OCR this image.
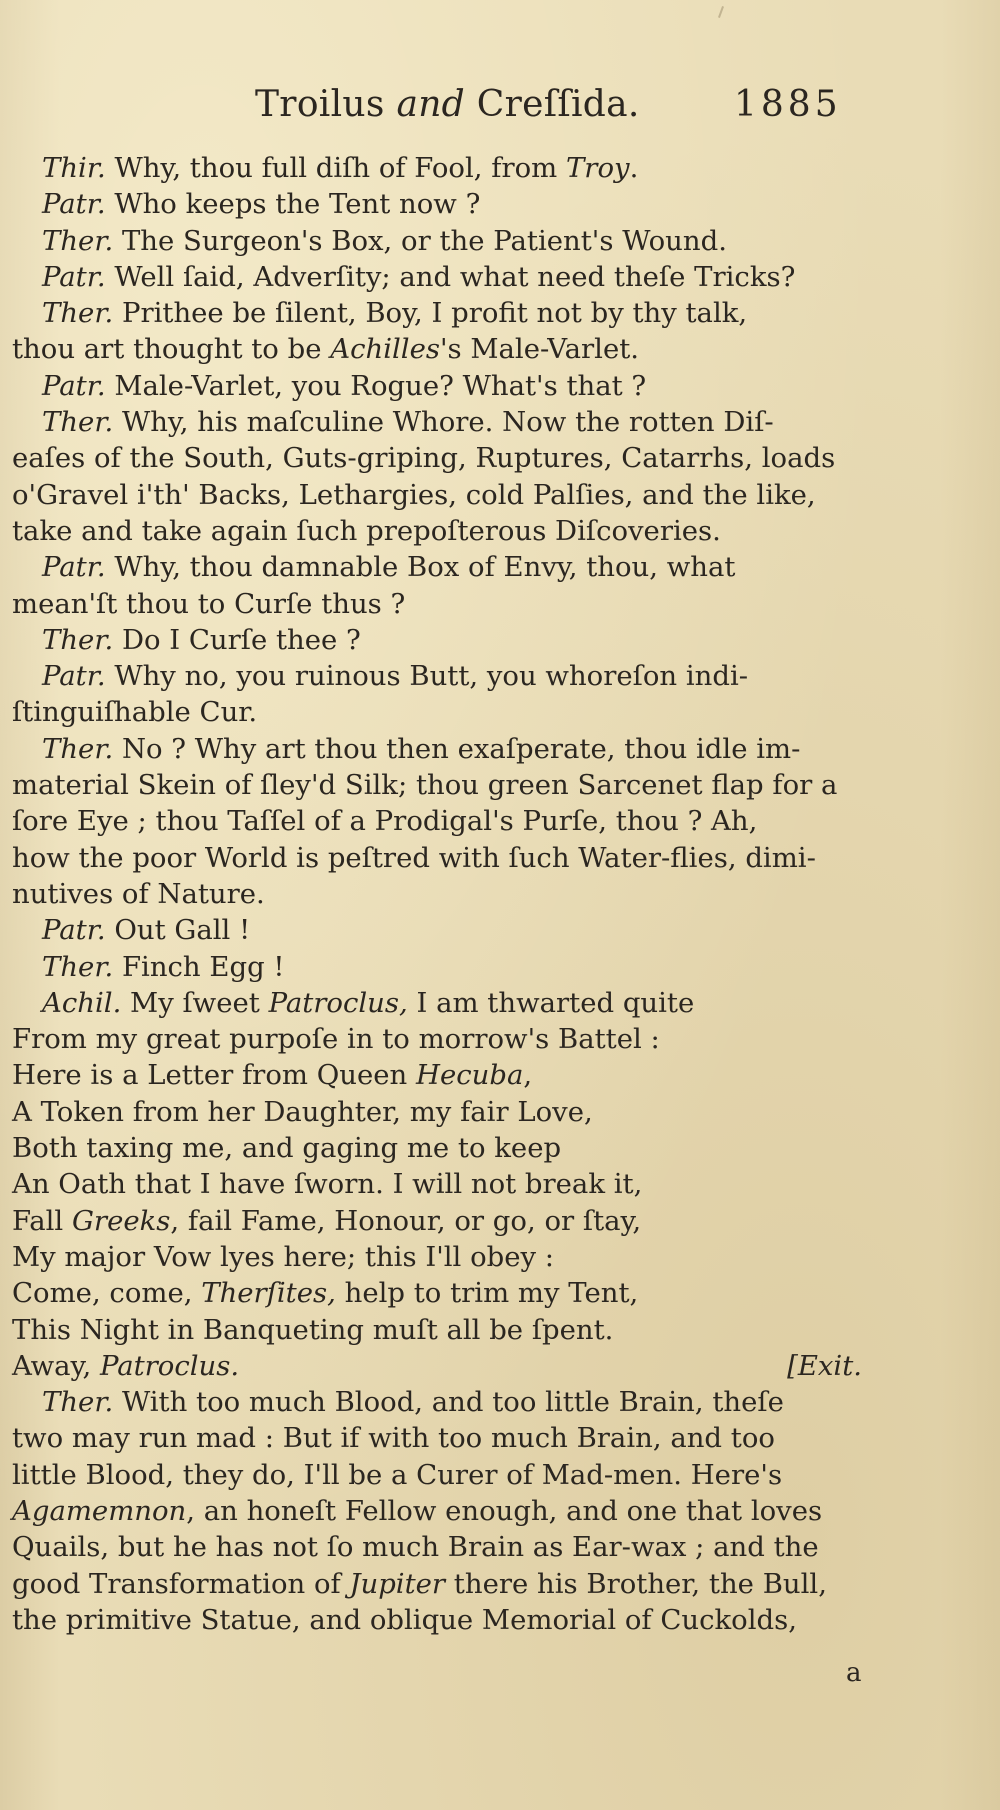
Troilus and Creſſida.	1885
Thir. Why, thou full diſh of Fool, from Troy.
Patr. Who keeps the Tent now ?
Ther. The Surgeon's Box, or the Patient's Wound.
Patr. Well ſaid, Adverſity; and what need theſe Tricks?
Ther. Prithee be ſilent, Boy, I profit not by thy talk,
thou art thought to be Achilles's Male-Varlet.
Patr. Male-Varlet, you Rogue? What's that ?
Ther. Why, his maſculine Whore. Now the rotten Diſ-
eaſes of the South, Guts-griping, Ruptures, Catarrhs, loads
o'Gravel i'th' Backs, Lethargies, cold Palſies, and the like,
take and take again ſuch prepoſterous Diſcoveries.
Patr. Why, thou damnable Box of Envy, thou, what
mean'ſt thou to Curſe thus ?
Ther. Do I Curſe thee ?
Patr. Why no, you ruinous Butt, you whoreſon indi-
ſtinguiſhable Cur.
Ther. No ? Why art thou then exaſperate, thou idle im-
material Skein of ſley'd Silk; thou green Sarcenet flap for a
ſore Eye ; thou Taſſel of a Prodigal's Purſe, thou ? Ah,
how the poor World is peſtred with ſuch Water-flies, dimi-
nutives of Nature.
Patr. Out Gall !
Ther. Finch Egg !
Achil. My ſweet Patroclus, I am thwarted quite
From my great purpoſe in to morrow's Battel :
Here is a Letter from Queen Hecuba,
A Token from her Daughter, my fair Love,
Both taxing me, and gaging me to keep
An Oath that I have ſworn. I will not break it,
Fall Greeks, fail Fame, Honour, or go, or ſtay,
My major Vow lyes here; this I'll obey :
Come, come, Therſites, help to trim my Tent,
This Night in Banqueting muſt all be ſpent.
Away, Patroclus.	[Exit.
Ther. With too much Blood, and too little Brain, theſe
two may run mad : But if with too much Brain, and too
little Blood, they do, I'll be a Curer of Mad-men. Here's
Agamemnon, an honeſt Fellow enough, and one that loves
Quails, but he has not ſo much Brain as Ear-wax ; and the
good Transformation of Jupiter there his Brother, the Bull,
the primitive Statue, and oblique Memorial of Cuckolds,
a
